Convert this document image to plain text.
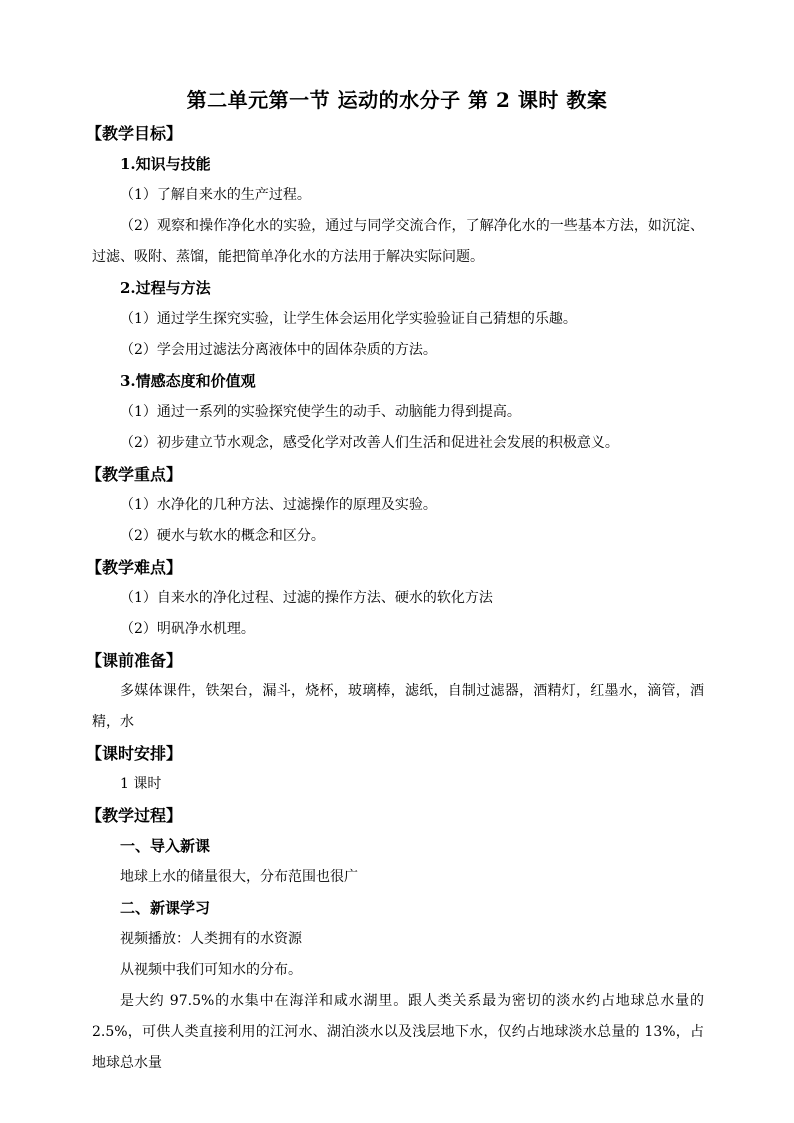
第二单元第一节 运动的水分子 第 2 课时 教案
【教学目标】
1.知识与技能
（1）了解自来水的生产过程。
（2）观察和操作净化水的实验，通过与同学交流合作，了解净化水的一些基本方法，如沉淀、过滤、吸附、蒸馏，能把简单净化水的方法用于解决实际问题。
2.过程与方法
（1）通过学生探究实验，让学生体会运用化学实验验证自己猜想的乐趣。
（2）学会用过滤法分离液体中的固体杂质的方法。
3.情感态度和价值观
（1）通过一系列的实验探究使学生的动手、动脑能力得到提高。
（2）初步建立节水观念，感受化学对改善人们生活和促进社会发展的积极意义。
【教学重点】
（1）水净化的几种方法、过滤操作的原理及实验。
（2）硬水与软水的概念和区分。
【教学难点】
（1）自来水的净化过程、过滤的操作方法、硬水的软化方法
（2）明矾净水机理。
【课前准备】
多媒体课件，铁架台，漏斗，烧杯，玻璃棒，滤纸，自制过滤器，酒精灯，红墨水，滴管，酒精，水
【课时安排】
1 课时
【教学过程】
一、导入新课
地球上水的储量很大，分布范围也很广
二、新课学习
视频播放：人类拥有的水资源
从视频中我们可知水的分布。
是大约 97.5%的水集中在海洋和咸水湖里。跟人类关系最为密切的淡水约占地球总水量的 2.5%，可供人类直接利用的江河水、湖泊淡水以及浅层地下水，仅约占地球淡水总量的 13%，占地球总水量
